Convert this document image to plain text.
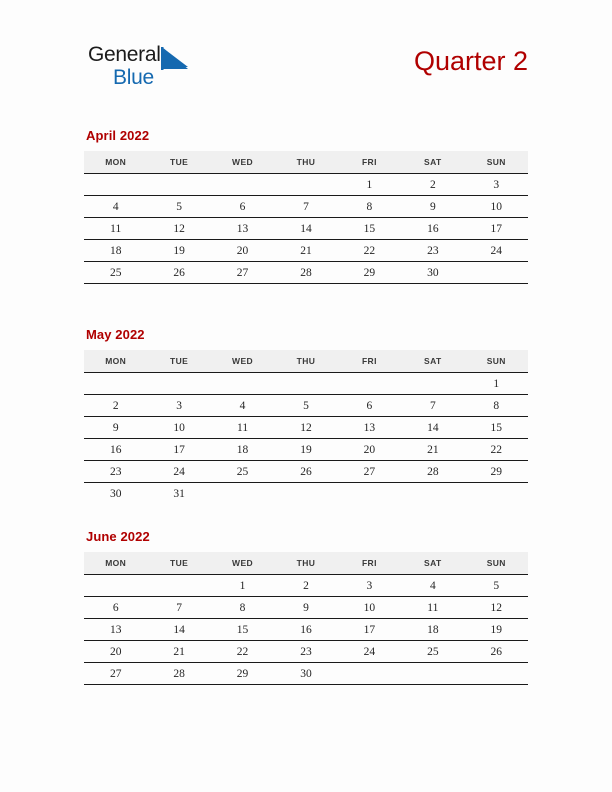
General
Blue
Quarter 2
April 2022
MON	TUE	WED	THU	FRI	SAT	SUN
				1	2	3
4	5	6	7	8	9	10
11	12	13	14	15	16	17
18	19	20	21	22	23	24
25	26	27	28	29	30	
May 2022
MON	TUE	WED	THU	FRI	SAT	SUN
						1
2	3	4	5	6	7	8
9	10	11	12	13	14	15
16	17	18	19	20	21	22
23	24	25	26	27	28	29
30	31					
June 2022
MON	TUE	WED	THU	FRI	SAT	SUN
		1	2	3	4	5
6	7	8	9	10	11	12
13	14	15	16	17	18	19
20	21	22	23	24	25	26
27	28	29	30			
